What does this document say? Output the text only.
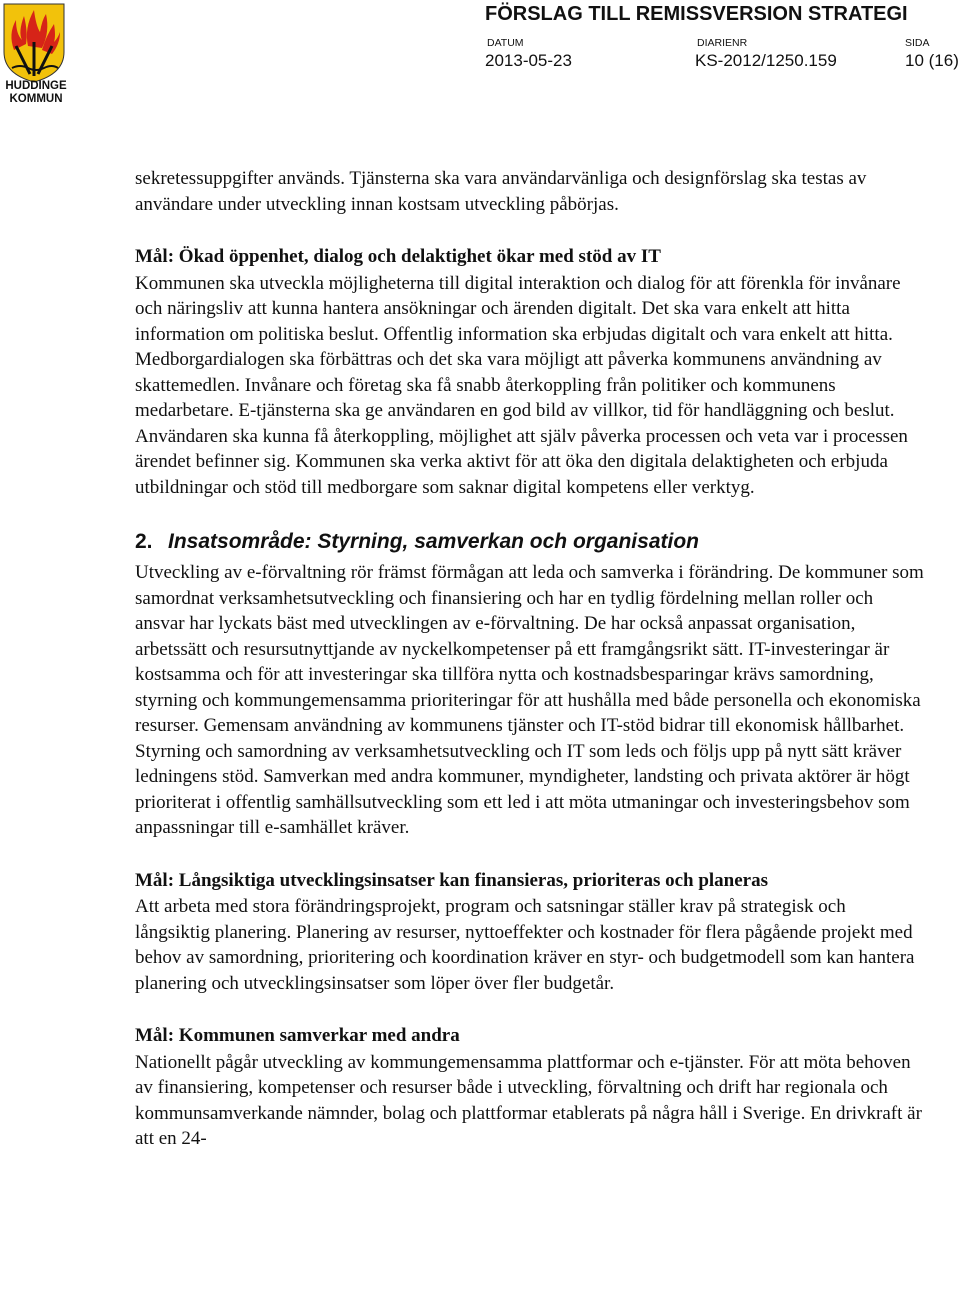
HUDDINGE
KOMMUN
FÖRSLAG TILL REMISSVERSION STRATEGI
DATUM
2013-05-23
DIARIENR
KS-2012/1250.159
SIDA
10 (16)

sekretessuppgifter används. Tjänsterna ska vara användarvänliga och designförslag ska testas av användare under utveckling innan kostsam utveckling påbörjas.

Mål: Ökad öppenhet, dialog och delaktighet ökar med stöd av IT

Kommunen ska utveckla möjligheterna till digital interaktion och dialog för att förenkla för invånare och näringsliv att kunna hantera ansökningar och ärenden digitalt. Det ska vara enkelt att hitta information om politiska beslut. Offentlig information ska erbjudas digitalt och vara enkelt att hitta. Medborgardialogen ska förbättras och det ska vara möjligt att påverka kommunens användning av skattemedlen. Invånare och företag ska få snabb återkoppling från politiker och kommunens medarbetare. E-tjänsterna ska ge användaren en god bild av villkor, tid för handläggning och beslut. Användaren ska kunna få återkoppling, möjlighet att själv påverka processen och veta var i processen ärendet befinner sig. Kommunen ska verka aktivt för att öka den digitala delaktigheten och erbjuda utbildningar och stöd till medborgare som saknar digital kompetens eller verktyg.

2. Insatsområde: Styrning, samverkan och organisation

Utveckling av e-förvaltning rör främst förmågan att leda och samverka i förändring. De kommuner som samordnat verksamhetsutveckling och finansiering och har en tydlig fördelning mellan roller och ansvar har lyckats bäst med utvecklingen av e-förvaltning. De har också anpassat organisation, arbetssätt och resursutnyttjande av nyckelkompetenser på ett framgångsrikt sätt. IT-investeringar är kostsamma och för att investeringar ska tillföra nytta och kostnadsbesparingar krävs samordning, styrning och kommungemensamma prioriteringar för att hushålla med både personella och ekonomiska resurser. Gemensam användning av kommunens tjänster och IT-stöd bidrar till ekonomisk hållbarhet. Styrning och samordning av verksamhetsutveckling och IT som leds och följs upp på nytt sätt kräver ledningens stöd. Samverkan med andra kommuner, myndigheter, landsting och privata aktörer är högt prioriterat i offentlig samhällsutveckling som ett led i att möta utmaningar och investeringsbehov som anpassningar till e-samhället kräver.

Mål: Långsiktiga utvecklingsinsatser kan finansieras, prioriteras och planeras

Att arbeta med stora förändringsprojekt, program och satsningar ställer krav på strategisk och långsiktig planering. Planering av resurser, nyttoeffekter och kostnader för flera pågående projekt med behov av samordning, prioritering och koordination kräver en styr- och budgetmodell som kan hantera planering och utvecklingsinsatser som löper över fler budgetår.

Mål: Kommunen samverkar med andra

Nationellt pågår utveckling av kommungemensamma plattformar och e-tjänster. För att möta behoven av finansiering, kompetenser och resurser både i utveckling, förvaltning och drift har regionala och kommunsamverkande nämnder, bolag och plattformar etablerats på några håll i Sverige. En drivkraft är att en 24-
